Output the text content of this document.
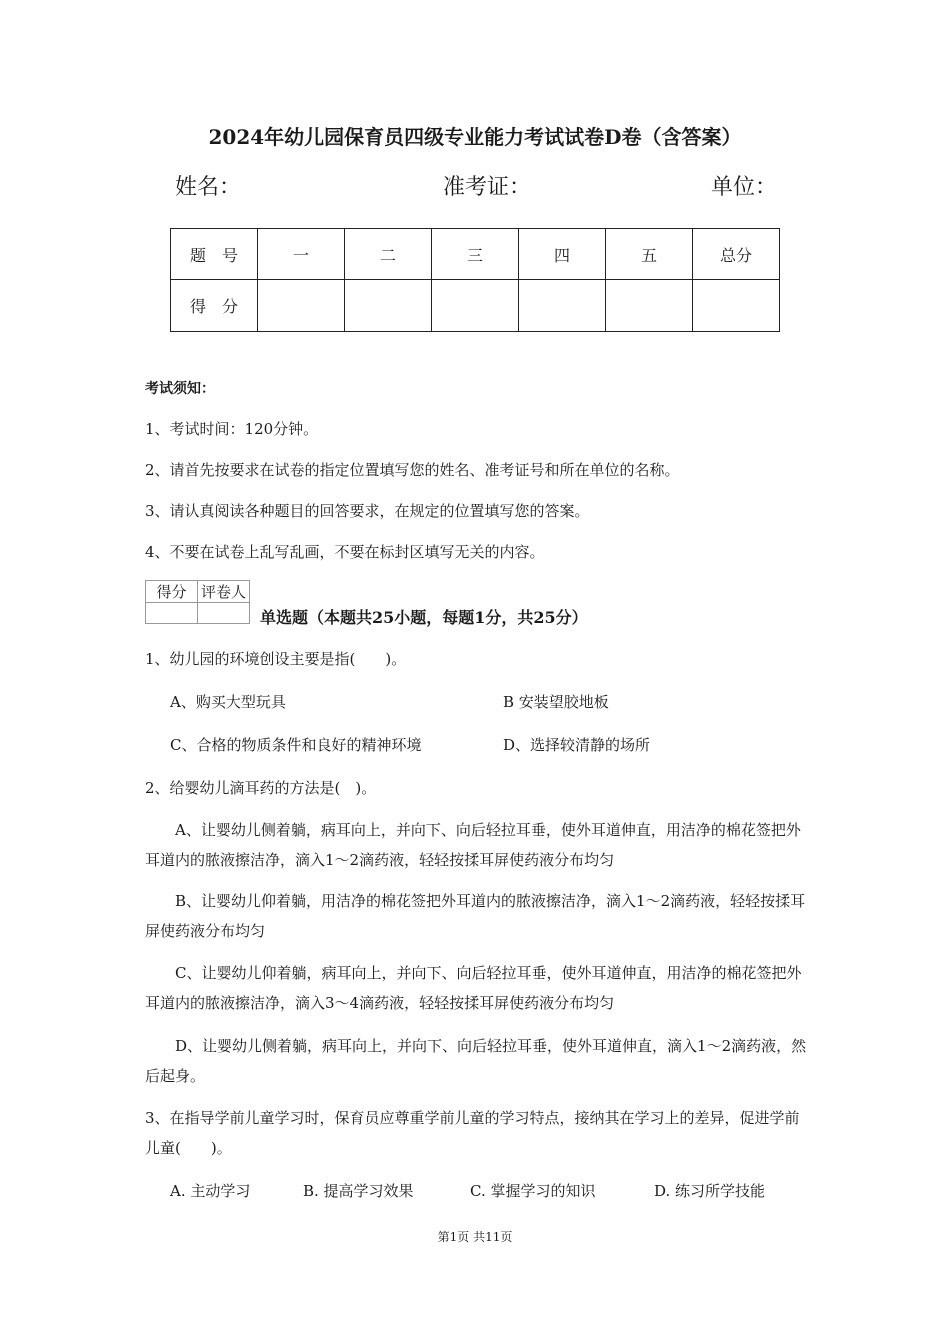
2024年幼儿园保育员四级专业能力考试试卷D卷（含答案）
姓名：	准考证：	单位：
题　号	一	二	三	四	五	总分
得　分						
考试须知：
1、考试时间：120分钟。
2、请首先按要求在试卷的指定位置填写您的姓名、准考证号和所在单位的名称。
3、请认真阅读各种题目的回答要求，在规定的位置填写您的答案。
4、不要在试卷上乱写乱画，不要在标封区填写无关的内容。
得分	评卷人

单选题（本题共25小题，每题1分，共25分）
1、幼儿园的环境创设主要是指(　　)。
A、购买大型玩具	B 安装望胶地板
C、合格的物质条件和良好的精神环境	D、选择较清静的场所
2、给婴幼儿滴耳药的方法是(　)。
A、让婴幼儿侧着躺，病耳向上，并向下、向后轻拉耳垂，使外耳道伸直，用洁净的棉花签把外耳道内的脓液擦洁净，滴入1～2滴药液，轻轻按揉耳屏使药液分布均匀
B、让婴幼儿仰着躺，用洁净的棉花签把外耳道内的脓液擦洁净，滴入1～2滴药液，轻轻按揉耳屏使药液分布均匀
C、让婴幼儿仰着躺，病耳向上，并向下、向后轻拉耳垂，使外耳道伸直，用洁净的棉花签把外耳道内的脓液擦洁净，滴入3～4滴药液，轻轻按揉耳屏使药液分布均匀
D、让婴幼儿侧着躺，病耳向上，并向下、向后轻拉耳垂，使外耳道伸直，滴入1～2滴药液，然后起身。
3、在指导学前儿童学习时，保育员应尊重学前儿童的学习特点，接纳其在学习上的差异，促进学前儿童(　　)。
A. 主动学习	B. 提高学习效果	C. 掌握学习的知识	D. 练习所学技能
第1页 共11页
